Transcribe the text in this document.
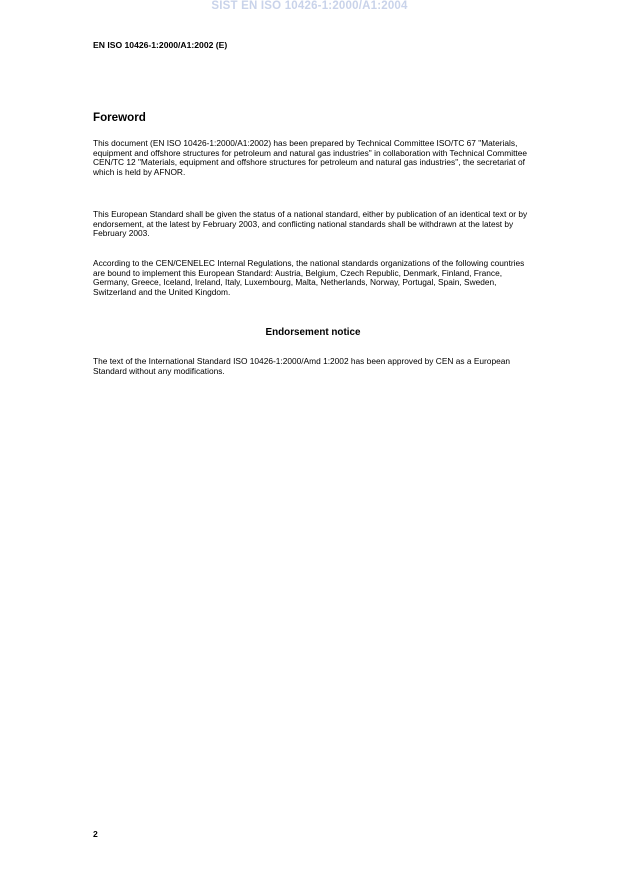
SIST EN ISO 10426-1:2000/A1:2004
EN ISO 10426-1:2000/A1:2002 (E)
Foreword

This document (EN ISO 10426-1:2000/A1:2002) has been prepared by Technical Committee ISO/TC 67 "Materials, equipment and offshore structures for petroleum and natural gas industries" in collaboration with Technical Committee CEN/TC 12 "Materials, equipment and offshore structures for petroleum and natural gas industries", the secretariat of which is held by AFNOR.

This European Standard shall be given the status of a national standard, either by publication of an identical text or by endorsement, at the latest by February 2003, and conflicting national standards shall be withdrawn at the latest by February 2003.

According to the CEN/CENELEC Internal Regulations, the national standards organizations of the following countries are bound to implement this European Standard: Austria, Belgium, Czech Republic, Denmark, Finland, France, Germany, Greece, Iceland, Ireland, Italy, Luxembourg, Malta, Netherlands, Norway, Portugal, Spain, Sweden, Switzerland and the United Kingdom.

Endorsement notice

The text of the International Standard ISO 10426-1:2000/Amd 1:2002 has been approved by CEN as a European Standard without any modifications.

2
